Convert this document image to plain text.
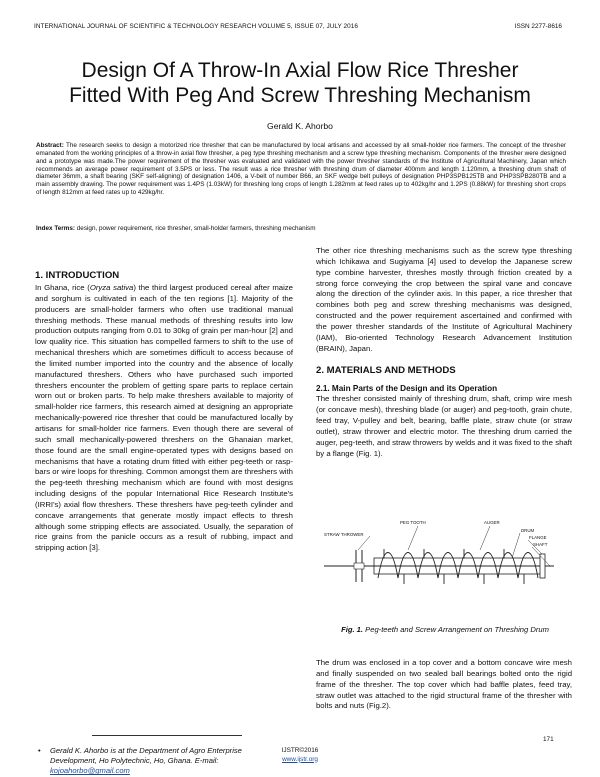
INTERNATIONAL JOURNAL OF SCIENTIFIC & TECHNOLOGY RESEARCH VOLUME 5, ISSUE 07, JULY 2016	ISSN 2277-8616
Design Of A Throw-In Axial Flow Rice Thresher
Fitted With Peg And Screw Threshing Mechanism
Gerald K. Ahorbo
Abstract: The research seeks to design a motorized rice thresher that can be manufactured by local artisans and accessed by all small-holder rice farmers. The concept of the thresher emanated from the working principles of a throw-in axial flow thresher, a peg type threshing mechanism and a screw type threshing mechanism. Components of the thresher were designed and a prototype was made.The power requirement of the thresher was evaluated and validated with the power thresher standards of the Institute of Agricultural Machinery, Japan which recommends an average power requirement of 3.5PS or less. The result was a rice thresher with threshing drum of diameter 400mm and length 1.120mm, a threshing drum shaft of diameter 36mm, a shaft bearing (SKF self-aligning) of designation 1406, a V-belt of number B66, an SKF wedge belt pulleys of designation PHP3SPB125TB and PHP3SPB280TB and a main assembly drawing. The power requirement was 1.4PS (1.03kW) for threshing long crops of length 1.282mm at feed rates up to 402kg/hr and 1.2PS (0.88kW) for threshing short crops of length 812mm at feed rates up to 429kg/hr.
Index Terms: design, power requirement, rice thresher, small-holder farmers, threshing mechanism
1. INTRODUCTION

In Ghana, rice (Oryza sativa) the third largest produced cereal after maize and sorghum is cultivated in each of the ten regions [1]. Majority of the producers are small-holder farmers who often use traditional manual threshing methods. These manual methods of threshing results into low production outputs ranging from 0.01 to 30kg of grain per man-hour [2] and low quality rice. This situation has compelled farmers to shift to the use of mechanical threshers which are sometimes difficult to access because of the limited number imported into the country and the absence of locally manufactured threshers. Others who have purchased such imported threshers encounter the problem of getting spare parts to replace certain worn out or broken parts. To help make threshers available to majority of small-holder rice farmers, this research aimed at designing an appropriate mechanically-powered rice thresher that could be manufactured locally by artisans for small-holder rice farmers. Even though there are several of such small mechanically-powered threshers on the Ghanaian market, those found are the small engine-operated types with designs based on mechanisms that have a rotating drum fitted with either peg-teeth or rasp-bars or wire loops for threshing. Common amongst them are threshers with the peg-teeth threshing mechanism which are found with most designs including designs of the popular International Rice Research Institute's (IRRI's) axial flow threshers. These threshers have peg-teeth cylinder and concave arrangements that generate mostly impact effects to thresh although some stripping effects are associated. Usually, the separation of rice grains from the panicle occurs as a result of rubbing, impact and stripping action [3].

The other rice threshing mechanisms such as the screw type threshing which Ichikawa and Sugiyama [4] used to develop the Japanese screw type combine harvester, threshes mostly through friction created by a strong force conveying the crop between the spiral vane and concave along the direction of the cylinder axis. In this paper, a rice thresher that combines both peg and screw threshing mechanisms was designed, constructed and the power requirement ascertained and confirmed with the power thresher standards of the Institute of Agricultural Machinery (IAM), Bio-oriented Technology Research Advancement Institution (BRAIN), Japan.

2. MATERIALS AND METHODS
2.1. Main Parts of the Design and its Operation

The thresher consisted mainly of threshing drum, shaft, crimp wire mesh (or concave mesh), threshing blade (or auger) and peg-tooth, grain chute, feed tray, V-pulley and belt, bearing, baffle plate, straw chute (or straw outlet), straw thrower and electric motor. The threshing drum carried the auger, peg-teeth, and straw throwers by welds and it was fixed to the shaft by a flange (Fig. 1).

PEG TOOTH	AUGER
STRAW THROWER
DRUM
FLANGE
SHAFT
Fig. 1. Peg-teeth and Screw Arrangement on Threshing Drum

The drum was enclosed in a top cover and a bottom concave wire mesh and finally suspended on two sealed ball bearings bolted onto the rigid frame of the thresher. The top cover which had baffle plates, feed tray, straw outlet was attached to the rigid structural frame of the thresher with bolts and nuts (Fig.2).

• Gerald K. Ahorbo is at the Department of Agro Enterprise Development, Ho Polytechnic, Ho, Ghana. E-mail: kojoahorbo@gmail.com
171
IJSTR©2016
www.ijstr.org
